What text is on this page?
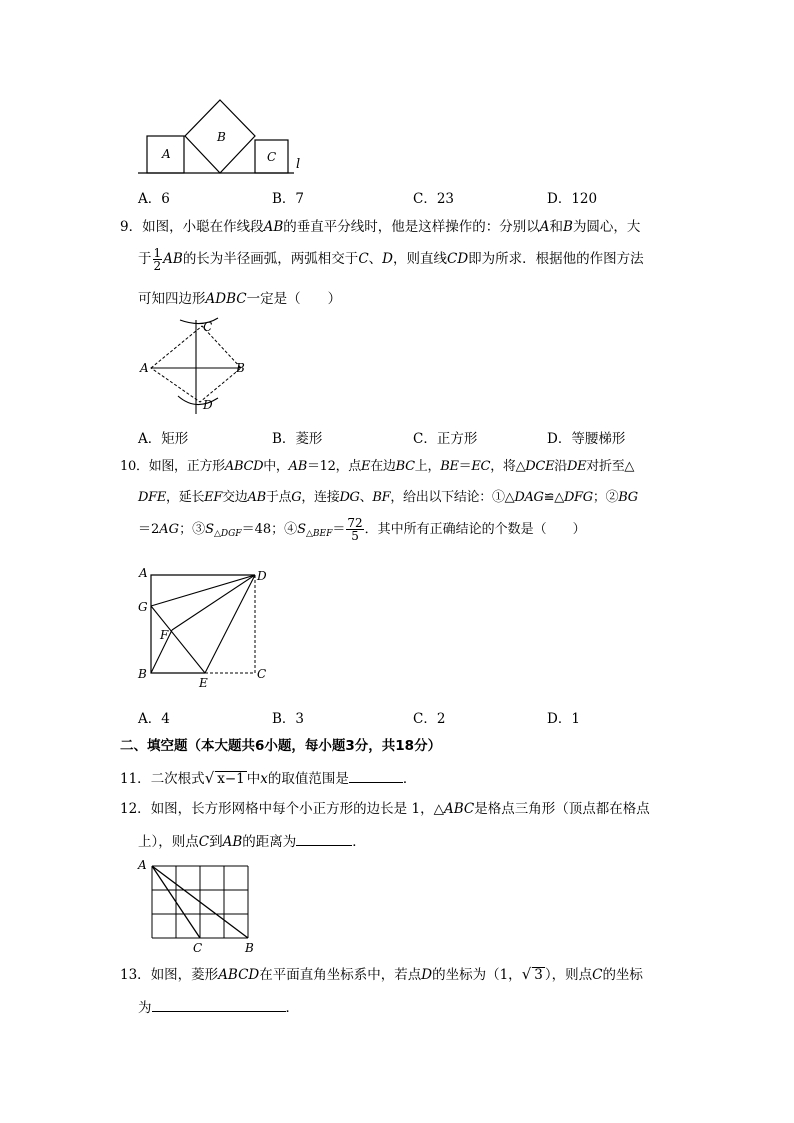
A
B
C l
A．6	B．7	C．23	D．120
9．如图，小聪在作线段AB的垂直平分线时，他是这样操作的：分别以A和B为圆心，大
于 $\frac{1}{2}$ AB的长为半径画弧，两弧相交于C、D，则直线CD即为所求．根据他的作图方法
可知四边形ADBC一定是（　　）
A	B
C
D
A．矩形	B．菱形	C．正方形	D．等腰梯形
10．如图，正方形ABCD中，AB＝12，点E在边BC上，BE＝EC，将△DCE沿DE对折至△
DFE，延长EF交边AB于点G，连接DG、BF，给出以下结论：①△DAG≌△DFG；②BG
＝2AG；$③S_{\triangle DGF}=48$；$④S_{\triangle BEF}= \frac{72}{5}$ ．其中所有正确结论的个数是（　　）
A	D
G
F
B
E
C
A．4	B．3	C．2	D．1
二、填空题（本大题共6小题，每小题3分，共18分）
11．二次根式√ x−1 中x的取值范围是	．
12．如图，长方形网格中每个小正方形的边长是 1，△ABC是格点三角形（顶点都在格点
上），则点C到AB的距离为	．
A
C	B
13．如图，菱形ABCD在平面直角坐标系中，若点D的坐标为（1，√ 3 ），则点C的坐标
为	．
